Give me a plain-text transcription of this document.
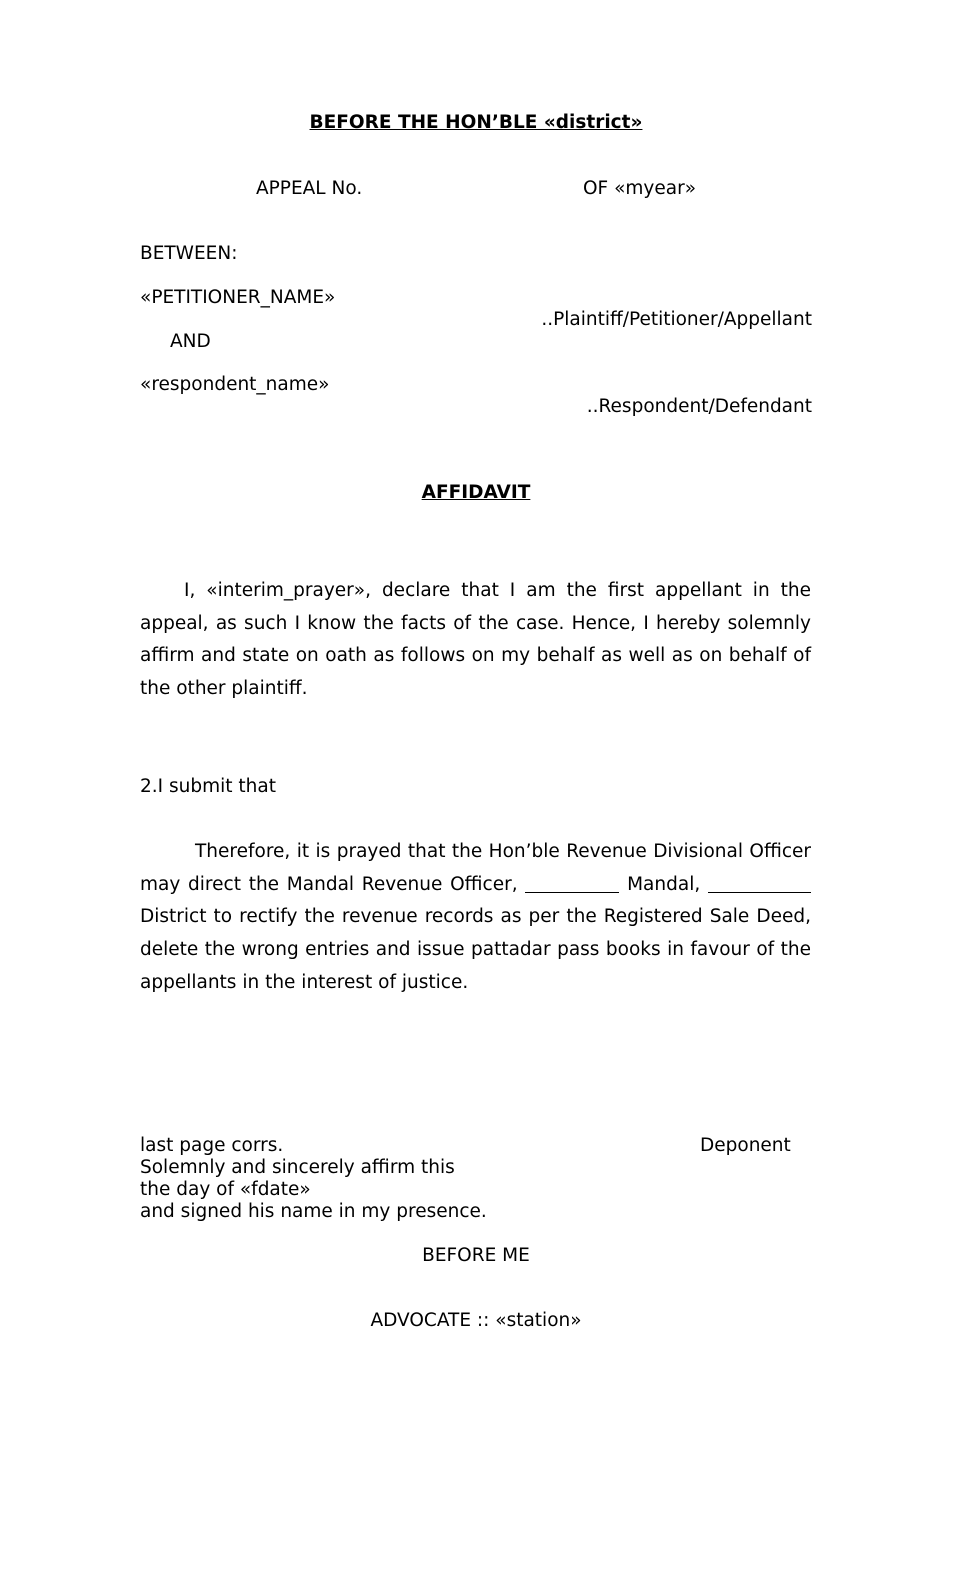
BEFORE THE HON’BLE «district»
APPEAL No.	OF «myear»
BETWEEN:
«PETITIONER_NAME»
..Plaintiff/Petitioner/Appellant
AND
«respondent_name»
..Respondent/Defendant
AFFIDAVIT

I, «interim_prayer», declare that I am the first appellant in the appeal, as such I know the facts of the case. Hence, I hereby solemnly affirm and state on oath as follows on my behalf as well as on behalf of the other plaintiff.

2.I submit that

Therefore, it is prayed that the Hon’ble Revenue Divisional Officer may direct the Mandal Revenue Officer,	Mandal,  District to rectify the revenue records as per the Registered Sale Deed, delete the wrong entries and issue pattadar pass books in favour of the appellants in the interest of justice.

last page corrs.	Deponent
Solemnly and sincerely affirm this
the day of «fdate»
and signed his name in my presence.
BEFORE ME
ADVOCATE :: «station»
